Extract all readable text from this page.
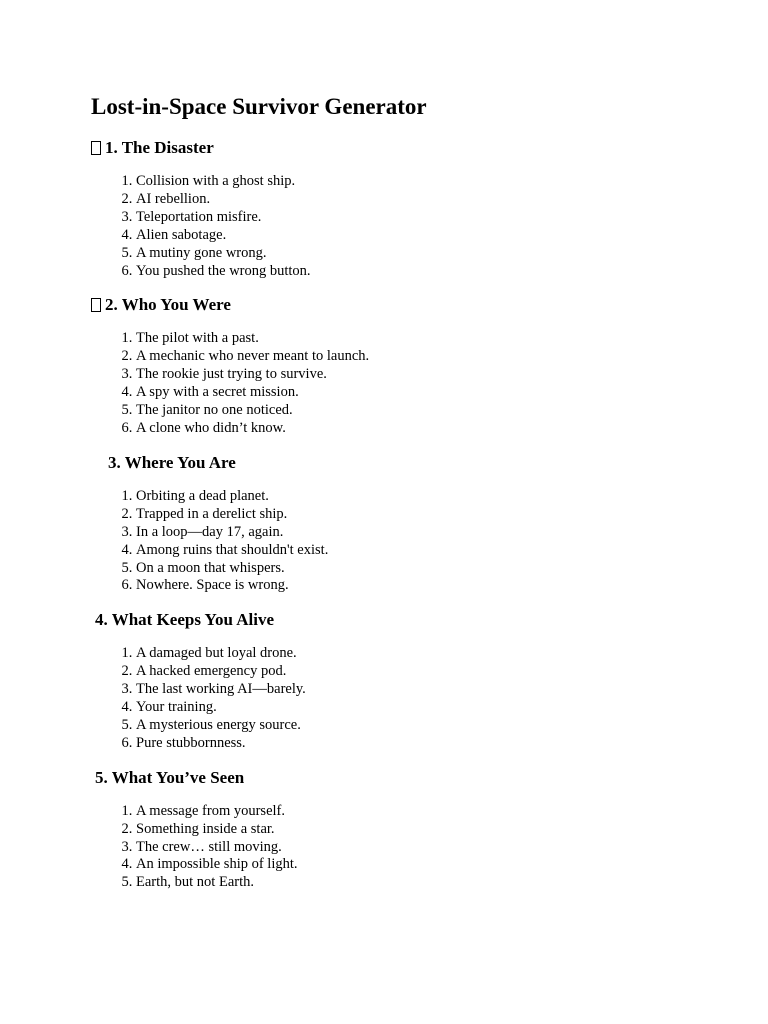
Lost-in-Space Survivor Generator
1. The Disaster
1. Collision with a ghost ship.
2. AI rebellion.
3. Teleportation misfire.
4. Alien sabotage.
5. A mutiny gone wrong.
6. You pushed the wrong button.
2. Who You Were
1. The pilot with a past.
2. A mechanic who never meant to launch.
3. The rookie just trying to survive.
4. A spy with a secret mission.
5. The janitor no one noticed.
6. A clone who didn’t know.
3. Where You Are
1. Orbiting a dead planet.
2. Trapped in a derelict ship.
3. In a loop—day 17, again.
4. Among ruins that shouldn't exist.
5. On a moon that whispers.
6. Nowhere. Space is wrong.
4. What Keeps You Alive
1. A damaged but loyal drone.
2. A hacked emergency pod.
3. The last working AI—barely.
4. Your training.
5. A mysterious energy source.
6. Pure stubbornness.
5. What You’ve Seen
1. A message from yourself.
2. Something inside a star.
3. The crew… still moving.
4. An impossible ship of light.
5. Earth, but not Earth.
